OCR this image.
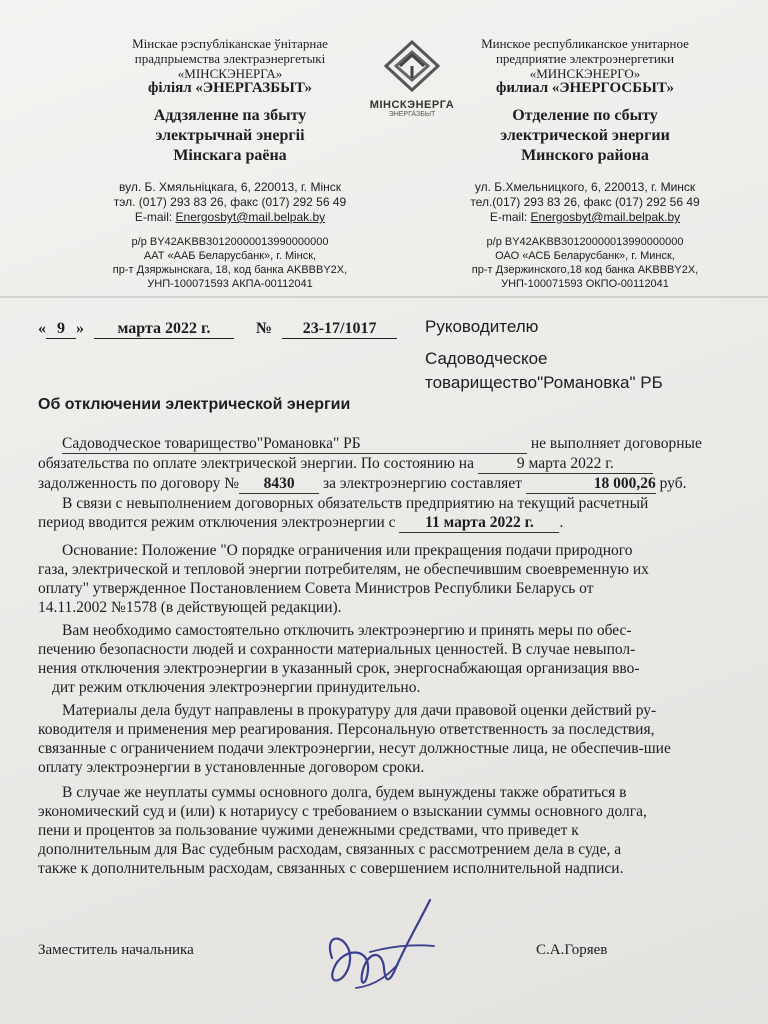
Мінскае рэспубліканскае ўнітарнае
прадпрыемства электраэнергетыкі
«МІНСКЭНЕРГА»
філіял «ЭНЕРГАЗБЫТ»
Аддзяленне па збыту
электрычнай энергіі
Мінскага раёна
вул. Б. Хмяльніцкага, 6, 220013, г. Мінск
тэл. (017) 293 83 26, факс (017) 292 56 49
E-mail: Energosbyt@mail.belpak.by
р/р BY42AKBB30120000013990000000
ААТ «ААБ Беларусбанк», г. Мінск,
пр-т Дзяржынскага, 18, код банка AKBBBY2X,
УНП-100071593 АКПА-00112041
МІНСКЭНЕРГА
ЭНЕРГАЗБЫТ
Минское республиканское унитарное
предприятие электроэнергетики
«МИНСКЭНЕРГО»
филиал «ЭНЕРГОСБЫТ»
Отделение по сбыту
электрической энергии
Минского района
ул. Б.Хмельницкого, 6, 220013, г. Минск
тел.(017) 293 83 26, факс (017) 292 56 49
E-mail: Energosbyt@mail.belpak.by
р/р BY42AKBB30120000013990000000
ОАО «АСБ Беларусбанк», г. Минск,
пр-т Дзержинского,18 код банка AKBBBY2X,
УНП-100071593 ОКПО-00112041
« 9 » марта 2022 г.	№ 23-17/1017	Руководителю
Садоводческое
товарищество"Романовка" РБ
Об отключении электрической энергии
Садоводческое товарищество"Романовка" РБ	не выполняет договорные
обязательства по оплате электрической энергии. По состоянию на	9 марта 2022 г.
задолженность по договору № 8430 за электроэнергию составляет	18 000,26 руб.
В связи с невыполнением договорных обязательств предприятию на текущий расчетный
период вводится режим отключения электроэнергии с 11 марта 2022 г. .
Основание: Положение "О порядке ограничения или прекращения подачи природного
газа, электрической и тепловой энергии потребителям, не обеспечившим своевременную их
оплату" утвержденное Постановлением Совета Министров Республики Беларусь от
14.11.2002 №1578 (в действующей редакции).
Вам необходимо самостоятельно отключить электроэнергию и принять меры по обес-
печению безопасности людей и сохранности материальных ценностей. В случае невыпол-
нения отключения электроэнергии в указанный срок, энергоснабжающая организация вво-
дит режим отключения электроэнергии принудительно.
Материалы дела будут направлены в прокуратуру для дачи правовой оценки действий ру-
ководителя и применения мер реагирования. Персональную ответственность за последствия,
связанные с ограничением подачи электроэнергии, несут должностные лица, не обеспечив-шие
оплату электроэнергии в установленные договором сроки.
В случае же неуплаты суммы основного долга, будем вынуждены также обратиться в
экономический суд и (или) к нотариусу с требованием о взыскании суммы основного долга,
пени и процентов за пользование чужими денежными средствами, что приведет к
дополнительным для Вас судебным расходам, связанных с рассмотрением дела в суде, а
также к дополнительным расходам, связанных с совершением исполнительной надписи.
Заместитель начальника	С.А.Горяев
